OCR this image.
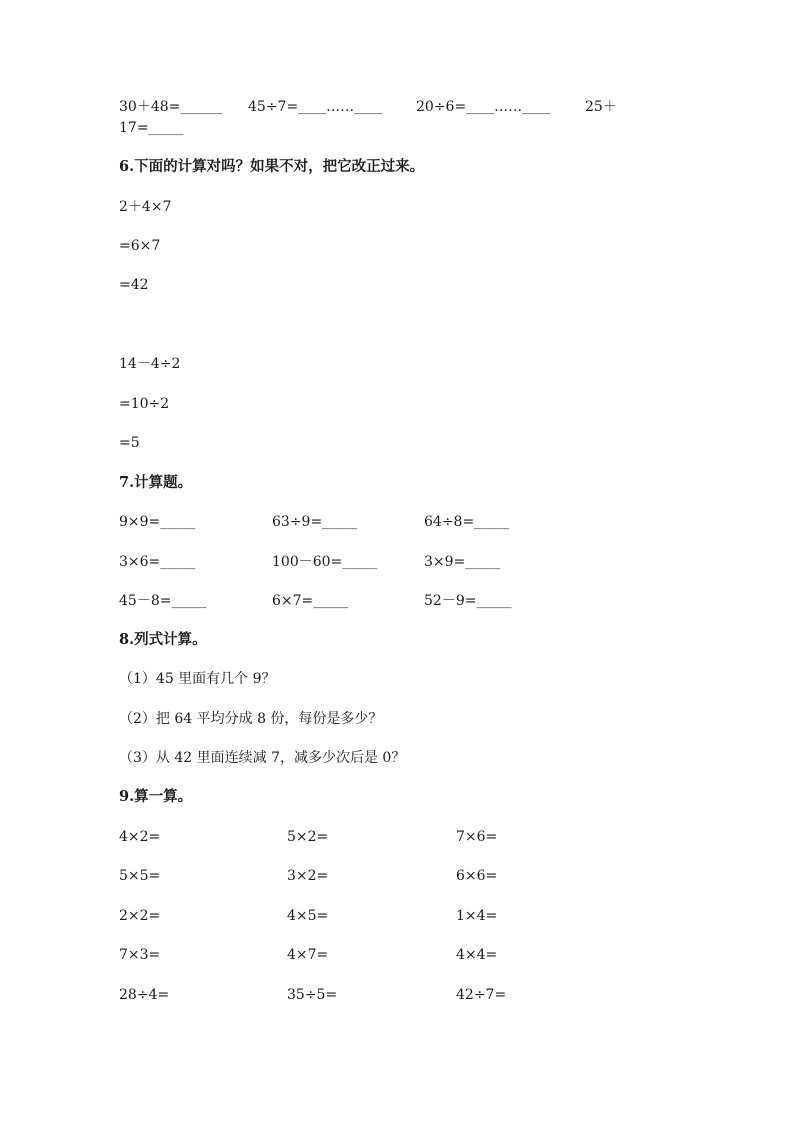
30＋48=______ 45÷7=____……____ 20÷6=____……____ 25＋
17=_____
6.下面的计算对吗？如果不对，把它改正过来。
2＋4×7
=6×7
=42
14－4÷2
=10÷2
=5
7.计算题。
9×9=_____	63÷9=_____	64÷8=_____
3×6=_____	100－60=_____	3×9=_____
45－8=_____	6×7=_____	52－9=_____
8.列式计算。
（1）45 里面有几个 9？
（2）把 64 平均分成 8 份，每份是多少？
（3）从 42 里面连续减 7，减多少次后是 0？
9.算一算。
4×2=	5×2=	7×6=
5×5=	3×2=	6×6=
2×2=	4×5=	1×4=
7×3=	4×7=	4×4=
28÷4=	35÷5=	42÷7=
